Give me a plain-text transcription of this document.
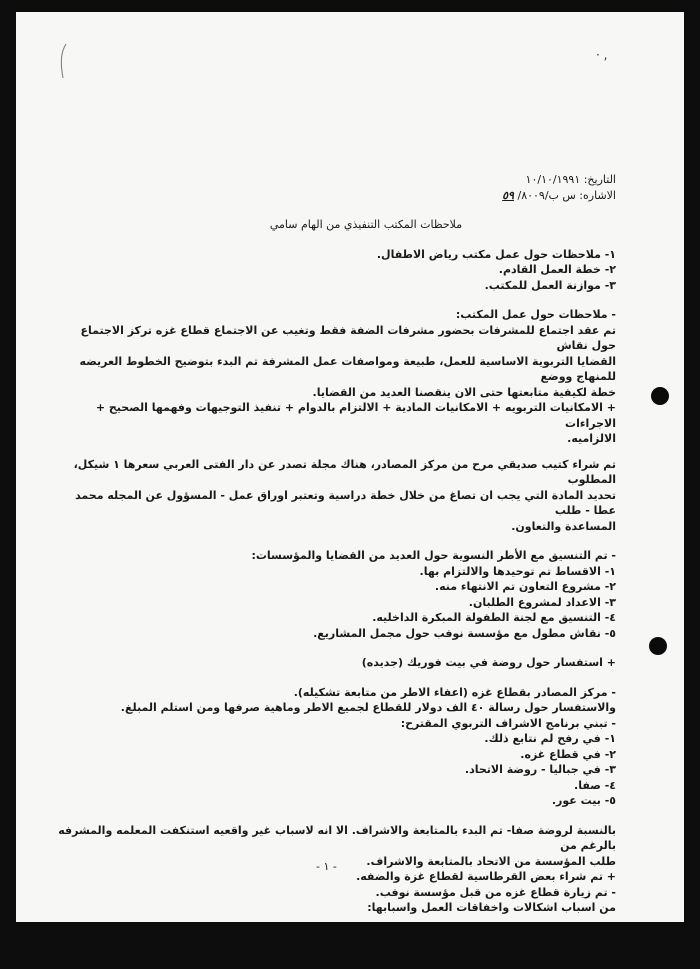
· ,
التاريخ: ١٠/١٠/١٩٩١
الاشاره: س ب/٨٠٠٩/ ٥٩
ملاحظات المكتب التنفيذي من الهام سامي
١- ملاحظات حول عمل مكتب رياض الاطفال.
٢- خطة العمل القادم.
٣- موازنة العمل للمكتب.
- ملاحظات حول عمل المكتب:
تم عقد اجتماع للمشرفات بحضور مشرفات الضفة فقط وتغيب عن الاجتماع قطاع غزه تركز الاجتماع حول نقاش
القضايا التربوية الاساسية للعمل، طبيعة ومواصفات عمل المشرفة تم البدء بتوضيح الخطوط العريضه للمنهاج ووضع
خطة لكيفية متابعتها حتى الان ينقصنا العديد من القضايا.
+ الامكانيات التربويه + الامكانيات المادية + الالتزام بالدوام + تنفيذ التوجيهات وفهمها الصحيح + الاجراءات
الالزاميه.
تم شراء كتيب صديقي مرح من مركز المصادر، هناك مجلة تصدر عن دار الفتى العربي سعرها ١ شيكل، المطلوب
تحديد المادة التي يجب ان تصاغ من خلال خطة دراسية وتعتبر اوراق عمل - المسؤول عن المجله محمد عطا - طلب
المساعدة والتعاون.
- تم التنسيق مع الأطر النسوية حول العديد من القضايا والمؤسسات:
١- الاقساط تم توحيدها والالتزام بها.
٢- مشروع التعاون تم الانتهاء منه.
٣- الاعداد لمشروع الطلبان.
٤- التنسيق مع لجنة الطفولة المبكرة الداخليه.
٥- نقاش مطول مع مؤسسة نوفب حول مجمل المشاريع.
+ استفسار حول روضة في بيت فوريك (جديده)
- مركز المصادر بقطاع غزه (اعفاء الاطر من متابعة تشكيله).
والاستفسار حول رسالة ٤٠ الف دولار للقطاع لجميع الاطر وماهية صرفها ومن استلم المبلغ.
- تبني برنامج الاشراف التربوي المقترح:
١- في رفح لم نتابع ذلك.
٢- في قطاع غزه.
٣- في جباليا - روضة الاتحاد.
٤- صفا.
٥- بيت عور.
بالنسبة لروضة صفا- تم البدء بالمتابعة والاشراف. الا انه لاسباب غير واقعيه استنكفت المعلمه والمشرفه بالرغم من
طلب المؤسسة من الاتحاد بالمتابعة والاشراف.
+ تم شراء بعض القرطاسية لقطاع غزة والضفه.
- تم زيارة قطاع غزه من قبل مؤسسة نوفب.
من اسباب اشكالات واخفاقات العمل واسبابها:
- ١ -
